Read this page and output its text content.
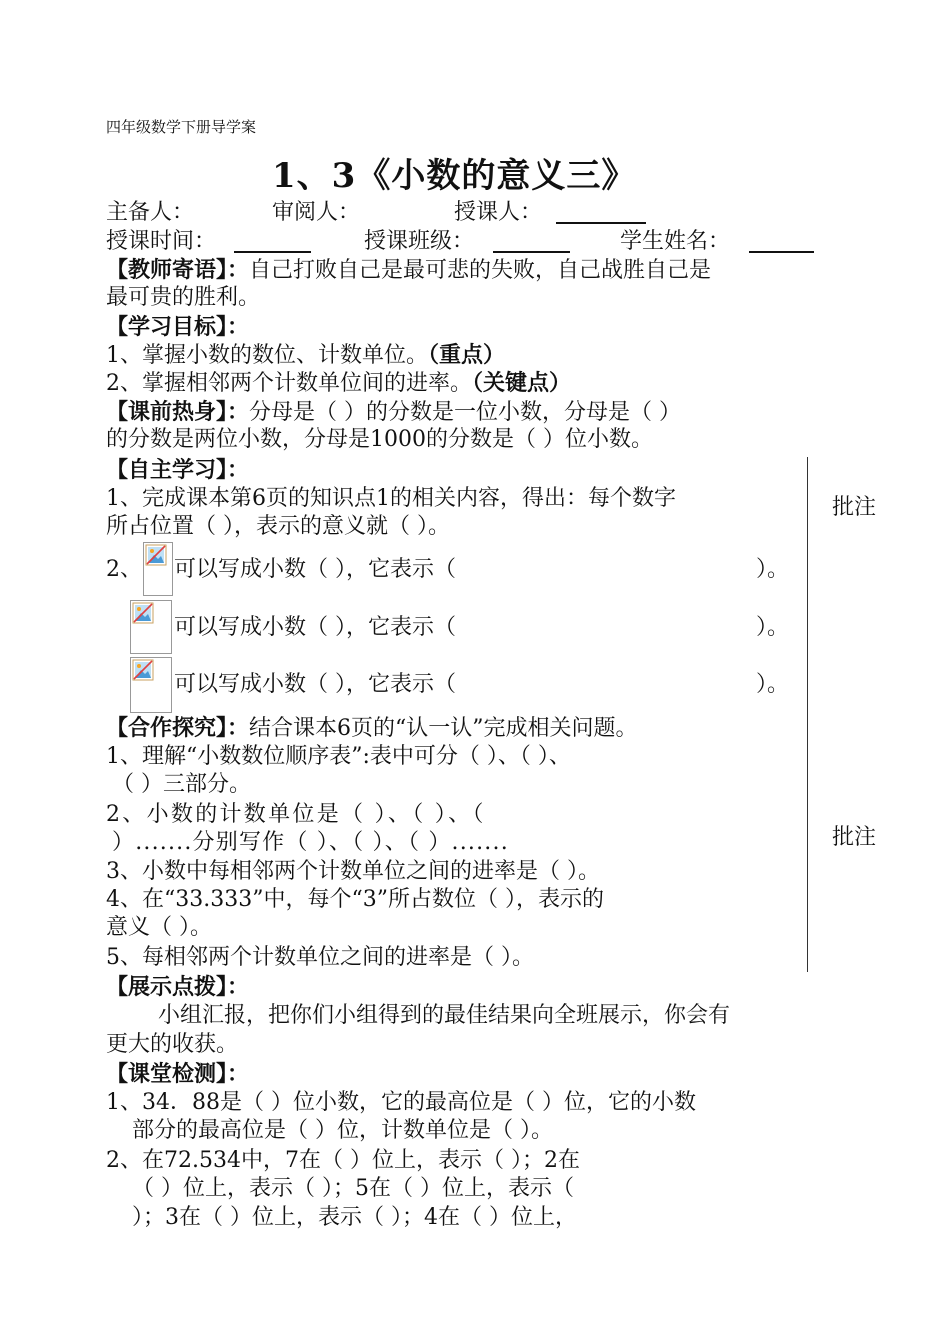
四年级数学下册导学案
1、3《小数的意义三》
主备人：	审阅人：	授课人：
授课时间：	授课班级：	学生姓名：
【教师寄语】：自己打败自己是最可悲的失败，自己战胜自己是
最可贵的胜利。
【学习目标】：
1、掌握小数的数位、计数单位。（重点）
2、掌握相邻两个计数单位间的进率。（关键点）
【课前热身】：分母是（ ）的分数是一位小数，分母是（ ）
的分数是两位小数，分母是1000的分数是（ ）位小数。
【自主学习】：
1、完成课本第6页的知识点1的相关内容，得出：每个数字
所占位置（ ），表示的意义就（ ）。
批注
2、 可以写成小数（ ），它表示（	）。
可以写成小数（ ），它表示（	）。
可以写成小数（ ），它表示（	）。
【合作探究】：结合课本6页的“认一认”完成相关问题。
1、理解“小数数位顺序表”:表中可分（ ）、（ ）、
（ ）三部分。
2、小数的计数单位是（ ）、（ ）、（
）.......分别写作（ ）、（ ）、（ ）.......
3、小数中每相邻两个计数单位之间的进率是（ ）。
4、在“33.333”中，每个“3”所占数位（ ），表示的
意义（ ）。
5、每相邻两个计数单位之间的进率是（ ）。
批注
【展示点拨】：
小组汇报，把你们小组得到的最佳结果向全班展示，你会有
更大的收获。
【课堂检测】：
1、34．88是（ ）位小数，它的最高位是（ ）位，它的小数
部分的最高位是（ ）位，计数单位是（ ）。
2、在72.534中，7在（ ）位上，表示（ ）；2在
（ ）位上，表示（ ）；5在（ ）位上，表示（
）；3在（ ）位上，表示（ ）；4在（ ）位上，
